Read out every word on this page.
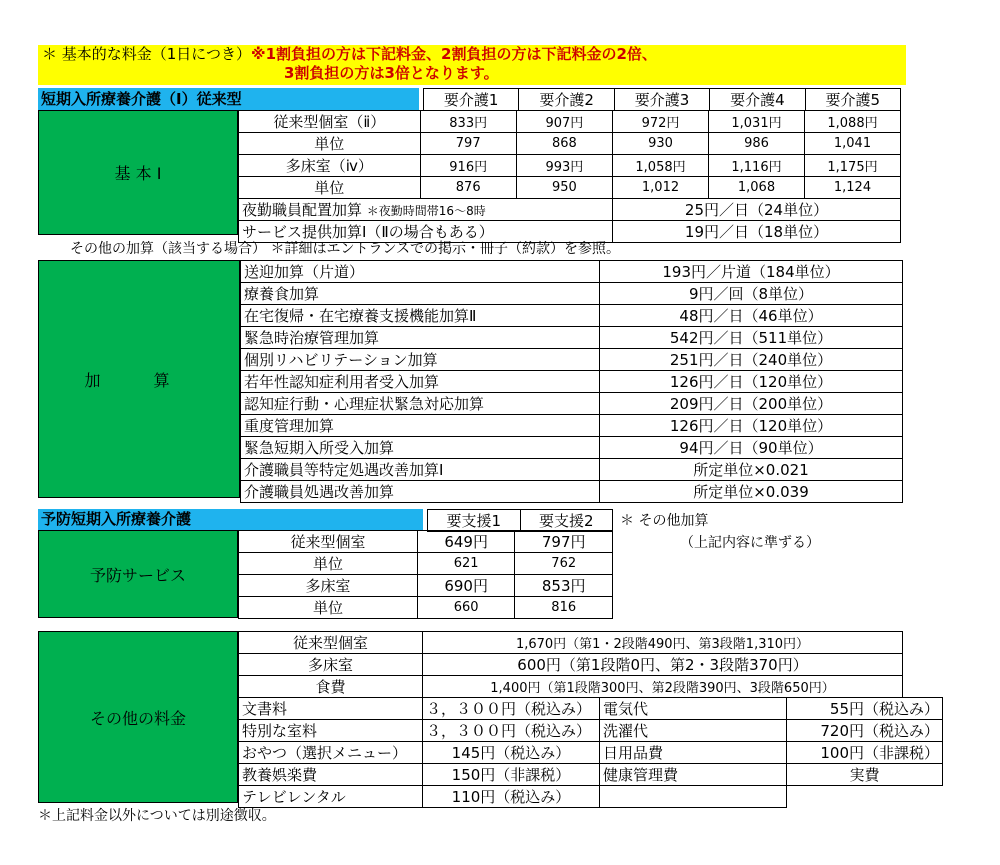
＊ 基本的な料金（1日につき）※1割負担の方は下記料金、2割負担の方は下記料金の2倍、
3割負担の方は3倍となります。
短期入所療養介護（Ⅰ）従来型	要介護1	要介護2	要介護3	要介護4	要介護5
基 本 Ⅰ
従来型個室（ⅱ）	833円	907円	972円	1,031円	1,088円
単位	797	868	930	986	1,041
多床室（ⅳ）	916円	993円	1,058円	1,116円	1,175円
単位	876	950	1,012	1,068	1,124
夜勤職員配置加算 ＊夜勤時間帯16～8時			25円／日（24単位）		
サービス提供加算Ⅰ（Ⅱの場合もある）			19円／日（18単位）		
その他の加算（該当する場合） ＊詳細はエントランスでの掲示・冊子（約款）を参照。
加 算
送迎加算（片道）	193円／片道（184単位）
療養食加算	9円／回（8単位）
在宅復帰・在宅療養支援機能加算Ⅱ	48円／日（46単位）
緊急時治療管理加算	542円／日（511単位）
個別リハビリテーション加算	251円／日（240単位）
若年性認知症利用者受入加算	126円／日（120単位）
認知症行動・心理症状緊急対応加算	209円／日（200単位）
重度管理加算	126円／日（120単位）
緊急短期入所受入加算	94円／日（90単位）
介護職員等特定処遇改善加算Ⅰ	所定単位×0.021
介護職員処遇改善加算	所定単位×0.039
予防短期入所療養介護	要支援1	要支援2 ＊ その他加算
（上記内容に準ずる）
予防サービス
従来型個室	649円	797円
単位	621	762
多床室	690円	853円
単位	660	816
その他の料金
従来型個室	1,670円（第1・2段階490円、第3段階1,310円）
多床室	600円（第1段階0円、第2・3段階370円）
食費	1,400円（第1段階300円、第2段階390円、3段階650円）
文書料	３，３００円（税込み）	電気代	55円（税込み）
特別な室料	３，３００円（税込み）	洗濯代	720円（税込み）
おやつ（選択メニュー）	145円（税込み）	日用品費	100円（非課税）
教養娯楽費	150円（非課税）	健康管理費	実費
テレビレンタル	110円（税込み）		
＊上記料金以外については別途徴収。
